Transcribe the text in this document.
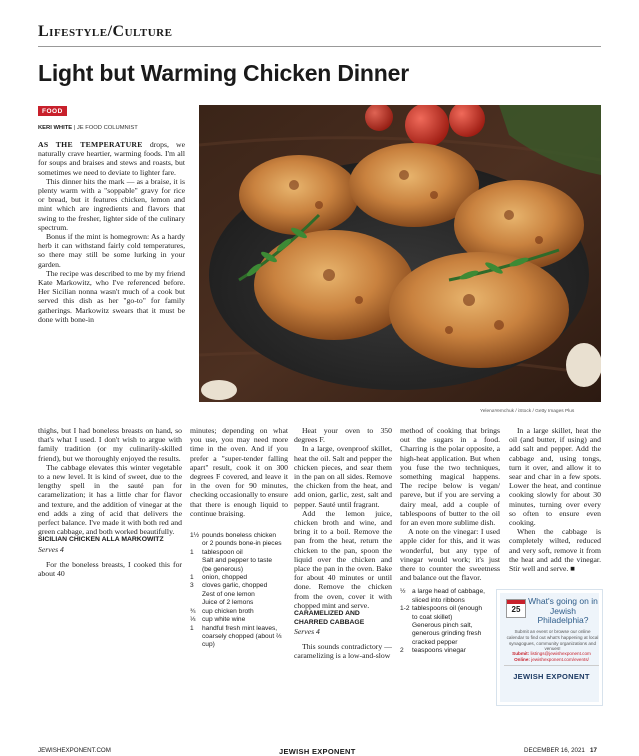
Lifestyle/Culture
Light but Warming Chicken Dinner
FOOD
KERI WHITE | JE FOOD COLUMNIST
YelenaYemchuk / iStock / Getty Images Plus

AS THE TEMPERATURE drops, we naturally crave heartier, warming foods. I'm all for soups and braises and stews and roasts, but sometimes we need to deviate to lighter fare.

This dinner hits the mark — as a braise, it is plenty warm with a "soppable" gravy for rice or bread, but it features chicken, lemon and mint which are ingredients and flavors that swing to the fresher, lighter side of the culinary spectrum.

Bonus if the mint is homegrown: As a hardy herb it can withstand fairly cold temperatures, so there may still be some lurking in your garden.

The recipe was described to me by my friend Kate Markowitz, who I've referenced before. Her Sicilian nonna wasn't much of a cook but served this dish as her "go-to" for family gatherings. Markowitz swears that it must be done with bone-in

thighs, but I had boneless breasts on hand, so that's what I used. I don't wish to argue with family tradition (or my culinarily-skilled friend), but we thoroughly enjoyed the results.

The cabbage elevates this winter vegetable to a new level. It is kind of sweet, due to the lengthy spell in the sauté pan for caramelization; it has a little char for flavor and texture, and the addition of vinegar at the end adds a zing of acid that delivers the perfect balance. I've made it with both red and green cabbage, and both worked beautifully.

SICILIAN CHICKEN ALLA MARKOWITZ

Serves 4

For the boneless breasts, I cooked this for about 40

minutes; depending on what you use, you may need more time in the oven. And if you prefer a "super-tender falling apart" result, cook it on 300 degrees F covered, and leave it in the oven for 90 minutes, checking occasionally to ensure that there is enough liquid to continue braising.

1½ pounds boneless chicken
or 2 pounds bone-in pieces
1	tablespoon oil
Salt and pepper to taste
(be generous)
1	onion, chopped
3	cloves garlic, chopped
Zest of one lemon
Juice of 2 lemons
¾ cup chicken broth
⅓ cup white wine
1	handful fresh mint leaves,
coarsely chopped (about ⅔ cup)

Heat your oven to 350 degrees F.

In a large, ovenproof skillet, heat the oil. Salt and pepper the chicken pieces, and sear them in the pan on all sides. Remove the chicken from the heat, and add onion, garlic, zest, salt and pepper. Sauté until fragrant.

Add the lemon juice, chicken broth and wine, and bring it to a boil. Remove the pan from the heat, return the chicken to the pan, spoon the liquid over the chicken and place the pan in the oven. Bake for about 40 minutes or until done. Remove the chicken from the oven, cover it with chopped mint and serve.

CARAMELIZED AND CHARRED CABBAGE

Serves 4

This sounds contradictory — caramelizing is a low-and-slow

method of cooking that brings out the sugars in a food. Charring is the polar opposite, a high-heat application. But when you fuse the two techniques, something magical happens. The recipe below is vegan/ pareve, but if you are serving a dairy meal, add a couple of tablespoons of butter to the oil for an even more sublime dish.

A note on the vinegar: I used apple cider for this, and it was wonderful, but any type of vinegar would work; it's just there to counter the sweetness and balance out the flavor.

½ a large head of cabbage,
sliced into ribbons
1-2 tablespoons oil (enough
to coat skillet)
Generous pinch salt,
generous grinding fresh cracked pepper
2	teaspoons vinegar
25
What's going on in Jewish Philadelphia?
Submit an event or browse our online calendar to find out what's happening at local synagogues, community organizations and venues!
Submit: listings@jewishexponent.com
Online: jewishexponent.com/events/
JEWISH EXPONENT
JEWISHEXPONENT.COM	JEWISH EXPONENT	DECEMBER 16, 2021 17

In a large skillet, heat the oil (and butter, if using) and add salt and pepper. Add the cabbage and, using tongs, turn it over, and allow it to sear and char in a few spots. Lower the heat, and continue cooking slowly for about 30 minutes, turning over every so often to ensure even cooking.

When the cabbage is completely wilted, reduced and very soft, remove it from the heat and add the vinegar. Stir well and serve. ■
